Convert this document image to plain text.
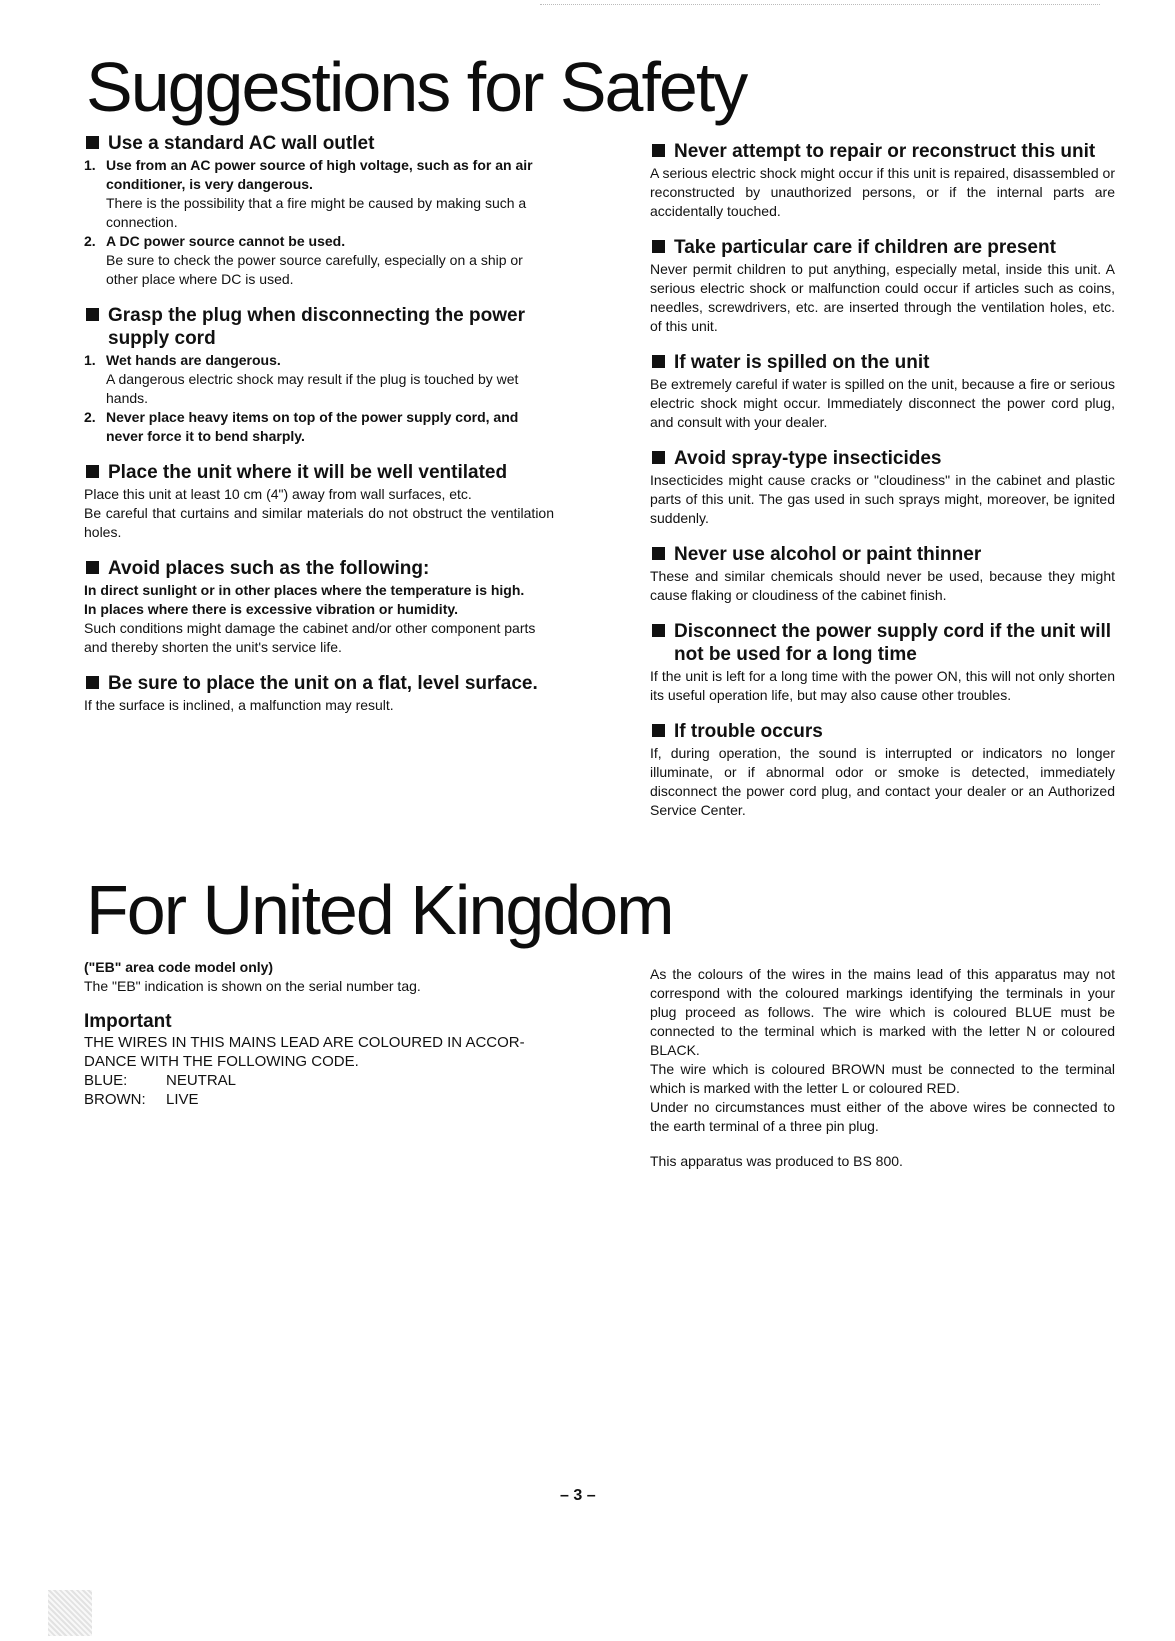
Suggestions for Safety
Use a standard AC wall outlet
1. Use from an AC power source of high voltage, such as for an air conditioner, is very dangerous.
There is the possibility that a fire might be caused by making such a connection.
2. A DC power source cannot be used.
Be sure to check the power source carefully, especially on a ship or other place where DC is used.
Grasp the plug when disconnecting the power supply cord
1. Wet hands are dangerous.
A dangerous electric shock may result if the plug is touched by wet hands.
2. Never place heavy items on top of the power supply cord, and never force it to bend sharply.
Place the unit where it will be well ventilated

Place this unit at least 10 cm (4") away from wall surfaces, etc.

Be careful that curtains and similar materials do not obstruct the ventilation holes.

Avoid places such as the following:

In direct sunlight or in other places where the temperature is high.

In places where there is excessive vibration or humidity.

Such conditions might damage the cabinet and/or other component parts and thereby shorten the unit's service life.

Be sure to place the unit on a flat, level surface.

If the surface is inclined, a malfunction may result.

Never attempt to repair or reconstruct this unit

A serious electric shock might occur if this unit is repaired, disassembled or reconstructed by unauthorized persons, or if the internal parts are accidentally touched.

Take particular care if children are present

Never permit children to put anything, especially metal, inside this unit. A serious electric shock or malfunction could occur if articles such as coins, needles, screwdrivers, etc. are inserted through the ventilation holes, etc. of this unit.

If water is spilled on the unit

Be extremely careful if water is spilled on the unit, because a fire or serious electric shock might occur. Immediately disconnect the power cord plug, and consult with your dealer.

Avoid spray-type insecticides

Insecticides might cause cracks or "cloudiness" in the cabinet and plastic parts of this unit. The gas used in such sprays might, moreover, be ignited suddenly.

Never use alcohol or paint thinner

These and similar chemicals should never be used, because they might cause flaking or cloudiness of the cabinet finish.

Disconnect the power supply cord if the unit will not be used for a long time

If the unit is left for a long time with the power ON, this will not only shorten its useful operation life, but may also cause other troubles.

If trouble occurs

If, during operation, the sound is interrupted or indicators no longer illuminate, or if abnormal odor or smoke is detected, immediately disconnect the power cord plug, and contact your dealer or an Authorized Service Center.

For United Kingdom

("EB" area code model only)

The "EB" indication is shown on the serial number tag.

Important

THE WIRES IN THIS MAINS LEAD ARE COLOURED IN ACCOR-

DANCE WITH THE FOLLOWING CODE.

BLUE:	NEUTRAL
BROWN:	LIVE

As the colours of the wires in the mains lead of this apparatus may not correspond with the coloured markings identifying the terminals in your plug proceed as follows. The wire which is coloured BLUE must be connected to the terminal which is marked with the letter N or coloured BLACK.

The wire which is coloured BROWN must be connected to the terminal which is marked with the letter L or coloured RED.

Under no circumstances must either of the above wires be connected to the earth terminal of a three pin plug.

This apparatus was produced to BS 800.

– 3 –
